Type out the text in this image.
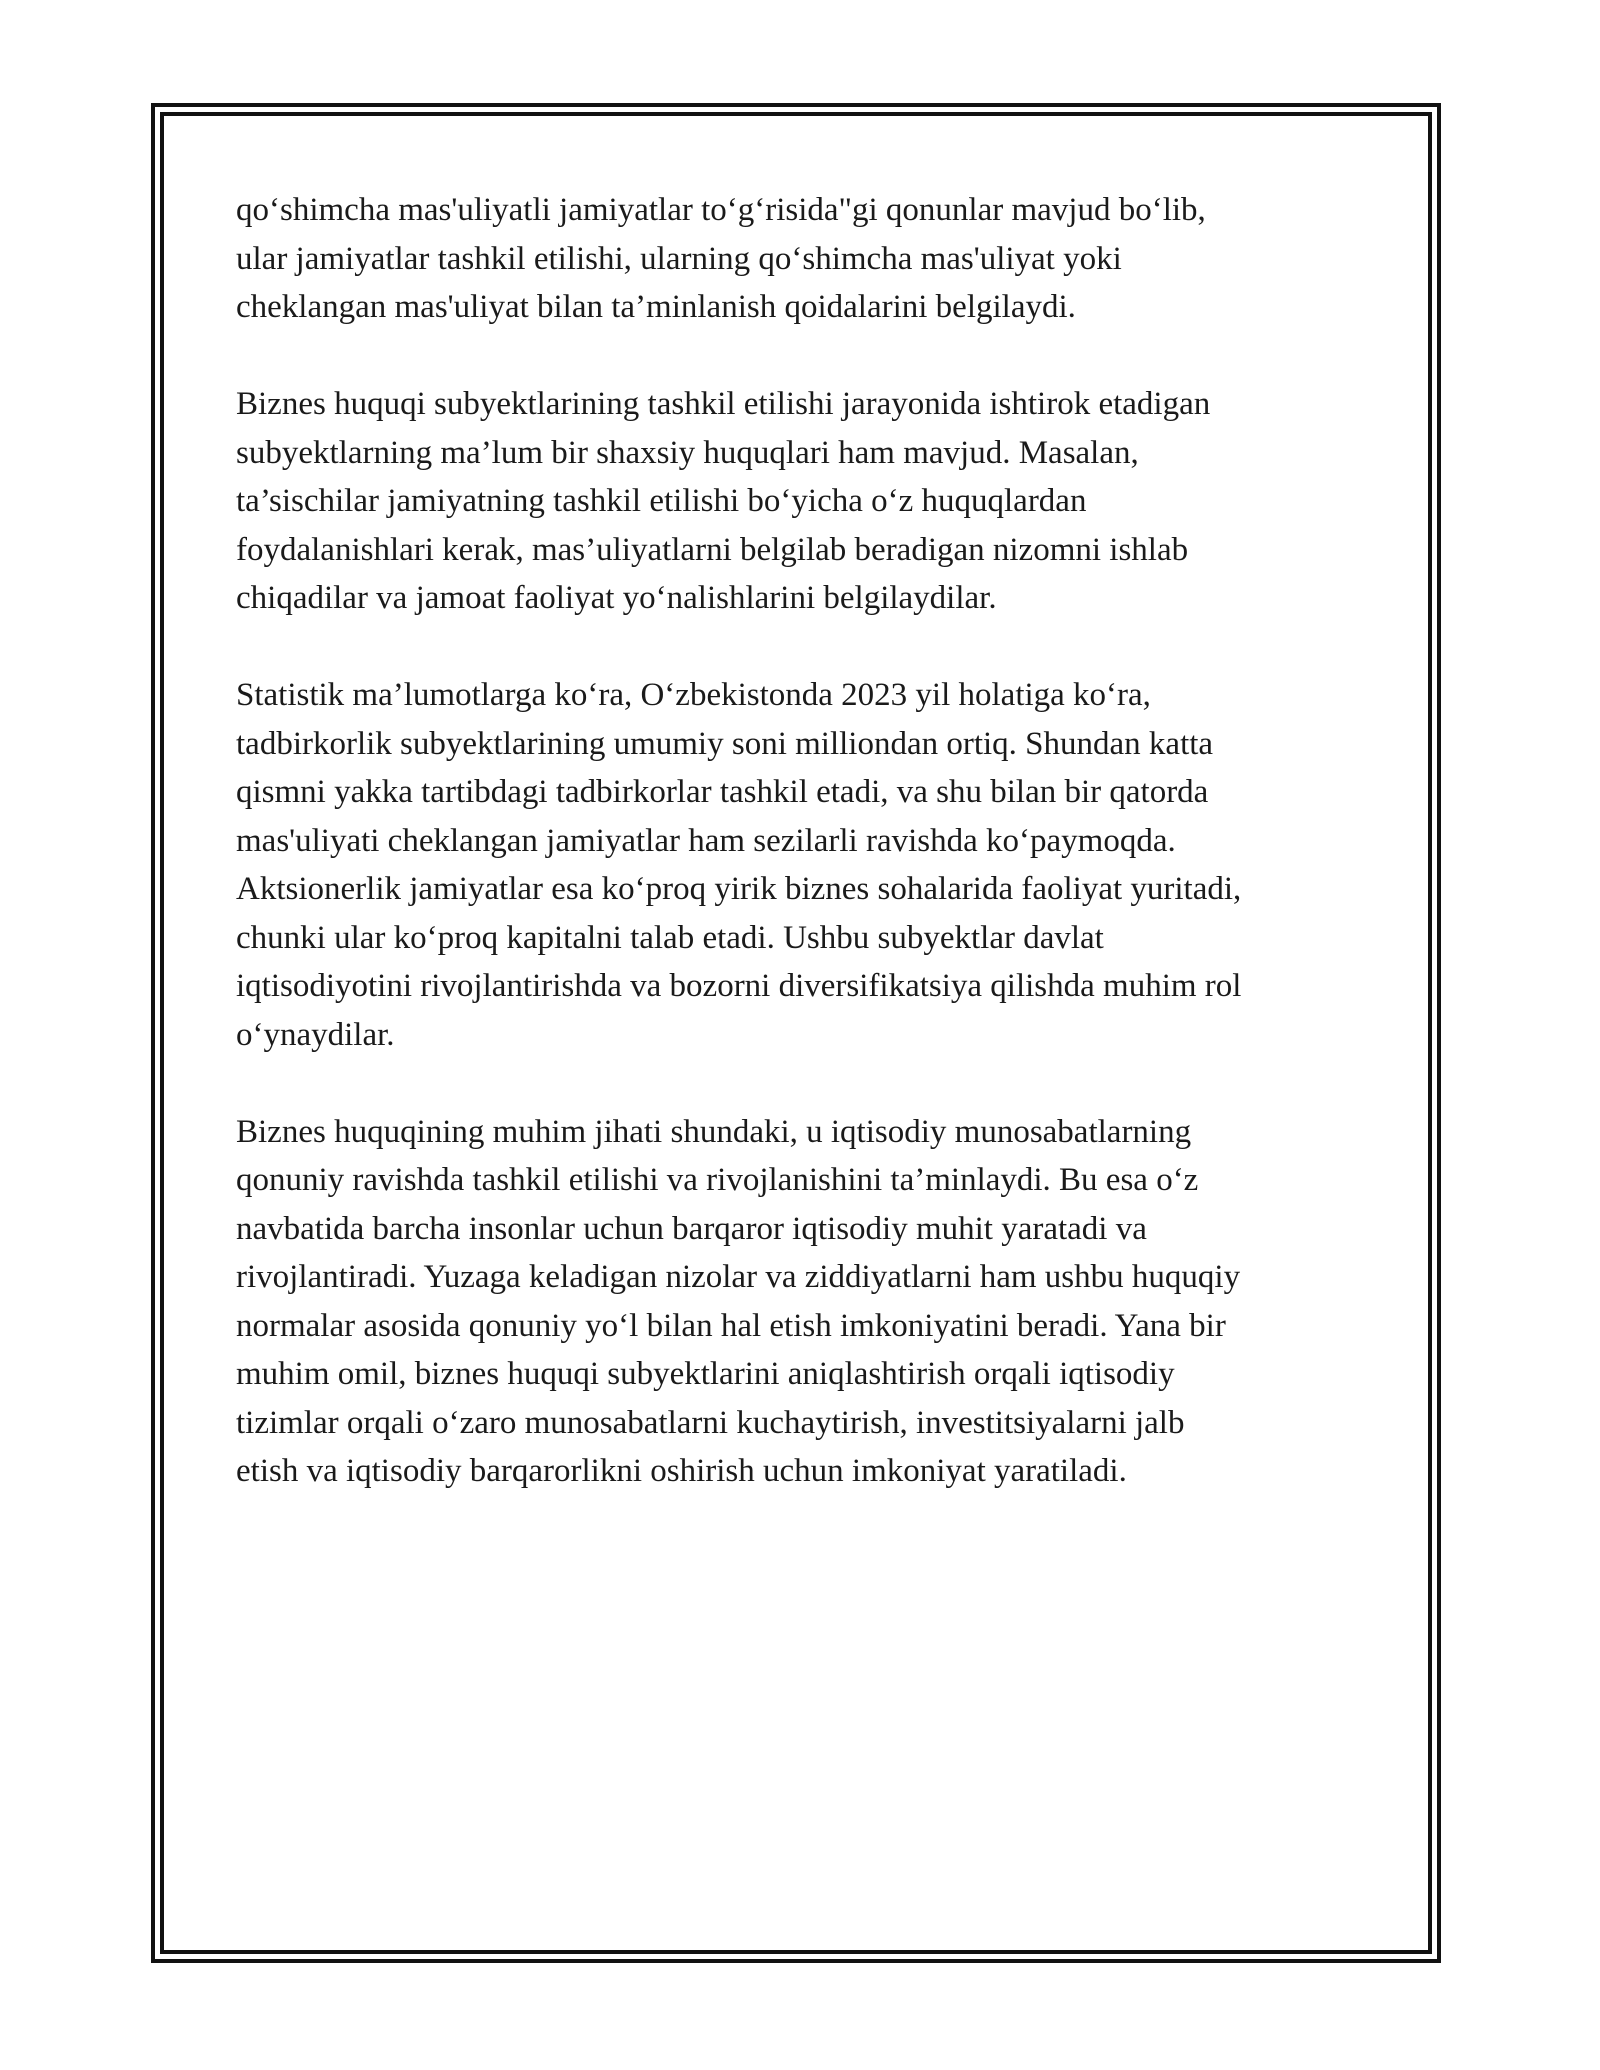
qo‘shimcha mas'uliyatli jamiyatlar to‘g‘risida"gi qonunlar mavjud bo‘lib,
ular jamiyatlar tashkil etilishi, ularning qo‘shimcha mas'uliyat yoki
cheklangan mas'uliyat bilan ta’minlanish qoidalarini belgilaydi.

Biznes huquqi subyektlarining tashkil etilishi jarayonida ishtirok etadigan
subyektlarning ma’lum bir shaxsiy huquqlari ham mavjud. Masalan,
ta’sischilar jamiyatning tashkil etilishi bo‘yicha o‘z huquqlardan
foydalanishlari kerak, mas’uliyatlarni belgilab beradigan nizomni ishlab
chiqadilar va jamoat faoliyat yo‘nalishlarini belgilaydilar.

Statistik ma’lumotlarga ko‘ra, O‘zbekistonda 2023 yil holatiga ko‘ra,
tadbirkorlik subyektlarining umumiy soni milliondan ortiq. Shundan katta
qismni yakka tartibdagi tadbirkorlar tashkil etadi, va shu bilan bir qatorda
mas'uliyati cheklangan jamiyatlar ham sezilarli ravishda ko‘paymoqda.
Aktsionerlik jamiyatlar esa ko‘proq yirik biznes sohalarida faoliyat yuritadi,
chunki ular ko‘proq kapitalni talab etadi. Ushbu subyektlar davlat
iqtisodiyotini rivojlantirishda va bozorni diversifikatsiya qilishda muhim rol
o‘ynaydilar.

Biznes huquqining muhim jihati shundaki, u iqtisodiy munosabatlarning
qonuniy ravishda tashkil etilishi va rivojlanishini ta’minlaydi. Bu esa o‘z
navbatida barcha insonlar uchun barqaror iqtisodiy muhit yaratadi va
rivojlantiradi. Yuzaga keladigan nizolar va ziddiyatlarni ham ushbu huquqiy
normalar asosida qonuniy yo‘l bilan hal etish imkoniyatini beradi. Yana bir
muhim omil, biznes huquqi subyektlarini aniqlashtirish orqali iqtisodiy
tizimlar orqali o‘zaro munosabatlarni kuchaytirish, investitsiyalarni jalb
etish va iqtisodiy barqarorlikni oshirish uchun imkoniyat yaratiladi.
